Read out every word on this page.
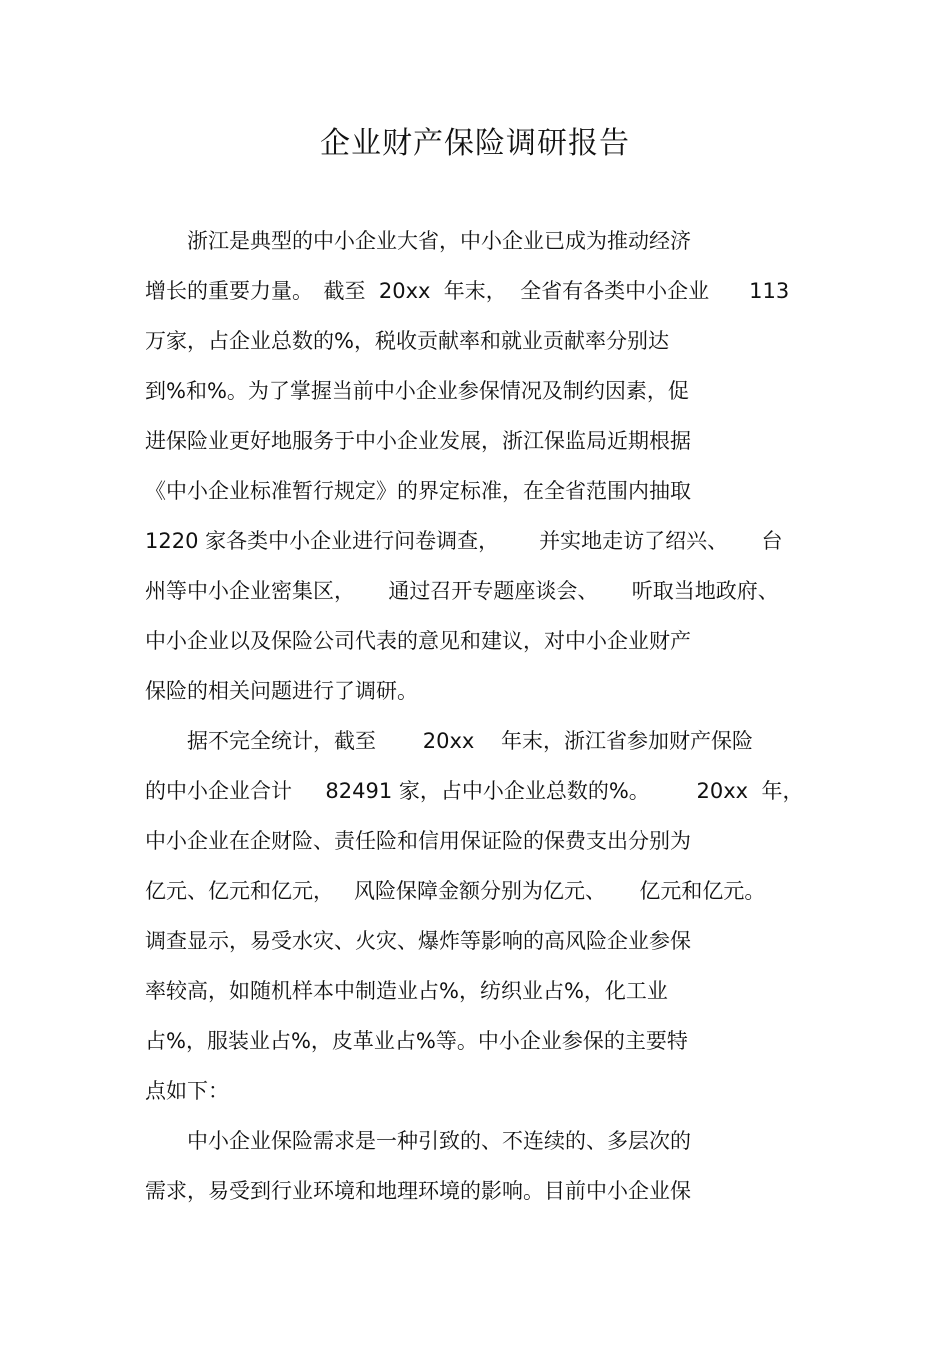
企业财产保险调研报告
　　浙江是典型的中小企业大省，中小企业已成为推动经济
增长的重要力量。　截至  20xx  年末，  全省有各类中小企业      113
万家，占企业总数的%，税收贡献率和就业贡献率分别达
到%和%。为了掌握当前中小企业参保情况及制约因素，促
进保险业更好地服务于中小企业发展，浙江保监局近期根据
《中小企业标准暂行规定》的界定标准，在全省范围内抽取
1220 家各类中小企业进行问卷调查，      并实地走访了绍兴、     台
州等中小企业密集区，     通过召开专题座谈会、     听取当地政府、
中小企业以及保险公司代表的意见和建议，对中小企业财产
保险的相关问题进行了调研。
　　据不完全统计，截至       20xx    年末，浙江省参加财产保险
的中小企业合计     82491 家，占中小企业总数的%。       20xx  年，
中小企业在企财险、责任险和信用保证险的保费支出分别为
亿元、亿元和亿元，   风险保障金额分别为亿元、     亿元和亿元。
调查显示，易受水灾、火灾、爆炸等影响的高风险企业参保
率较高，如随机样本中制造业占%，纺织业占%，化工业
占%，服装业占%，皮革业占%等。中小企业参保的主要特
点如下：
　　中小企业保险需求是一种引致的、不连续的、多层次的
需求，易受到行业环境和地理环境的影响。目前中小企业保
